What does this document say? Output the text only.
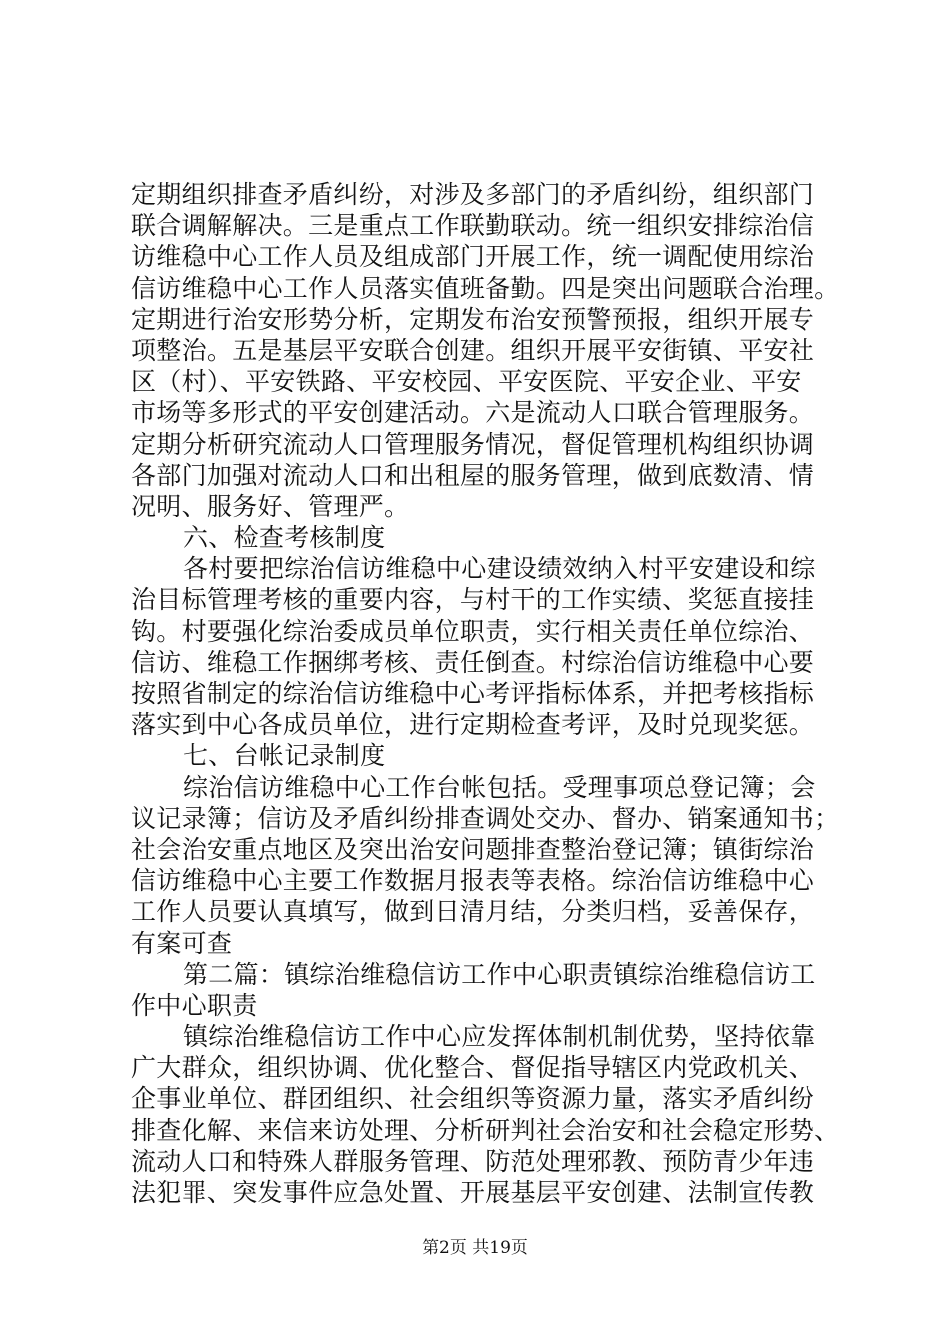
定期组织排查矛盾纠纷，对涉及多部门的矛盾纠纷，组织部门
联合调解解决。三是重点工作联勤联动。统一组织安排综治信
访维稳中心工作人员及组成部门开展工作，统一调配使用综治
信访维稳中心工作人员落实值班备勤。四是突出问题联合治理。
定期进行治安形势分析，定期发布治安预警预报，组织开展专
项整治。五是基层平安联合创建。组织开展平安街镇、平安社
区（村）、平安铁路、平安校园、平安医院、平安企业、平安
市场等多形式的平安创建活动。六是流动人口联合管理服务。
定期分析研究流动人口管理服务情况，督促管理机构组织协调
各部门加强对流动人口和出租屋的服务管理，做到底数清、情
况明、服务好、管理严。
六、检查考核制度
各村要把综治信访维稳中心建设绩效纳入村平安建设和综
治目标管理考核的重要内容，与村干的工作实绩、奖惩直接挂
钩。村要强化综治委成员单位职责，实行相关责任单位综治、
信访、维稳工作捆绑考核、责任倒查。村综治信访维稳中心要
按照省制定的综治信访维稳中心考评指标体系，并把考核指标
落实到中心各成员单位，进行定期检查考评，及时兑现奖惩。
七、台帐记录制度
综治信访维稳中心工作台帐包括。受理事项总登记簿；会
议记录簿；信访及矛盾纠纷排查调处交办、督办、销案通知书；
社会治安重点地区及突出治安问题排查整治登记簿；镇街综治
信访维稳中心主要工作数据月报表等表格。综治信访维稳中心
工作人员要认真填写，做到日清月结，分类归档，妥善保存，
有案可查
第二篇：镇综治维稳信访工作中心职责镇综治维稳信访工
作中心职责
镇综治维稳信访工作中心应发挥体制机制优势，坚持依靠
广大群众，组织协调、优化整合、督促指导辖区内党政机关、
企事业单位、群团组织、社会组织等资源力量，落实矛盾纠纷
排查化解、来信来访处理、分析研判社会治安和社会稳定形势、
流动人口和特殊人群服务管理、防范处理邪教、预防青少年违
法犯罪、突发事件应急处置、开展基层平安创建、法制宣传教
第2页 共19页
